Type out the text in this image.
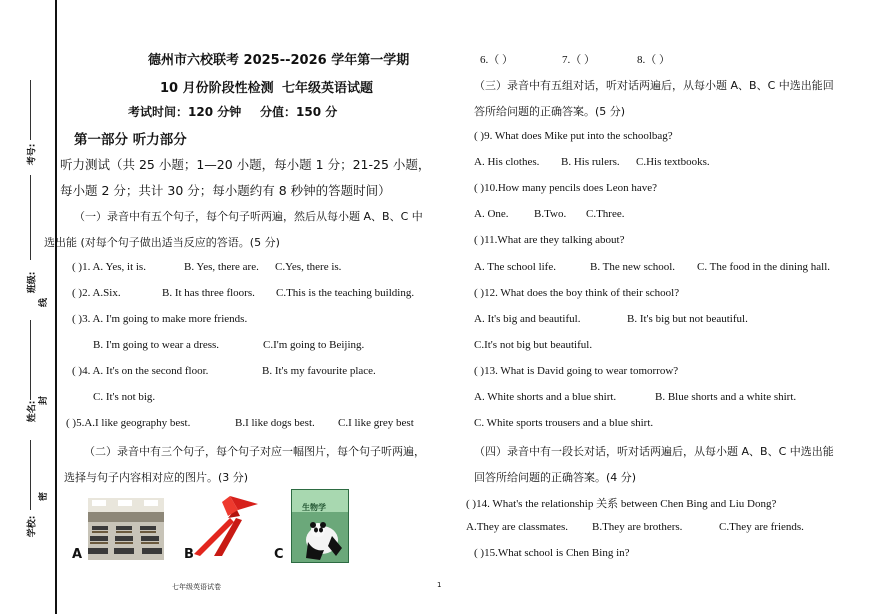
考号:
班级:
线
姓名:
封
学校:
密
德州市六校联考 2025--2026 学年第一学期
10 月份阶段性检测 七年级英语试题
考试时间：120 分钟 分值：150 分
第一部分 听力部分
听力测试（共 25 小题；1—20 小题，每小题 1 分；21-25 小题，
每小题 2 分；共计 30 分；每小题约有 8 秒钟的答题时间）
（一）录音中有五个句子，每个句子听两遍，然后从每小题 A、B、C 中
选出能 (对每个句子做出适当反应的答语。(5 分)
( )1. A. Yes, it is.	B. Yes, there are. C.Yes, there is.
( )2. A.Six.	B. It has three floors. C.This is the teaching building.
( )3. A. I'm going to make more friends.
B. I'm going to wear a dress.	C.I'm going to Beijing.
( )4. A. It's on the second floor.	B. It's my favourite place.
C. It's not big.
( )5.A.I like geography best.	B.I like dogs best. C.I like grey best
（二）录音中有三个句子，每个句子对应一幅图片，每个句子听两遍，
选择与句子内容相对应的图片。(3 分)
A	B
生物学
C
七年级英语试卷	1
6.（ ）	7.（ ）	8.（ ）
（三）录音中有五组对话，听对话两遍后，从每小题 A、B、C 中选出能回
答所给问题的正确答案。(5 分)
( )9. What does Mike put into the schoolbag?
A. His clothes. B. His rulers. C.His textbooks.
( )10.How many pencils does Leon have?
A. One. B.Two. C.Three.
( )11.What are they talking about?
A. The school life.	B. The new school. C. The food in the dining hall.
( )12. What does the boy think of their school?
A. It's big and beautiful.	B. It's big but not beautiful.
C.It's not big but beautiful.
( )13. What is David going to wear tomorrow?
A. White shorts and a blue shirt.	B. Blue shorts and a white shirt.
C. White sports trousers and a blue shirt.
（四）录音中有一段长对话，听对话两遍后，从每小题 A、B、C 中选出能
回答所给问题的正确答案。(4 分)
( )14. What's the relationship 关系 between Chen Bing and Liu Dong?
A.They are classmates. B.They are brothers.	C.They are friends.
( )15.What school is Chen Bing in?
